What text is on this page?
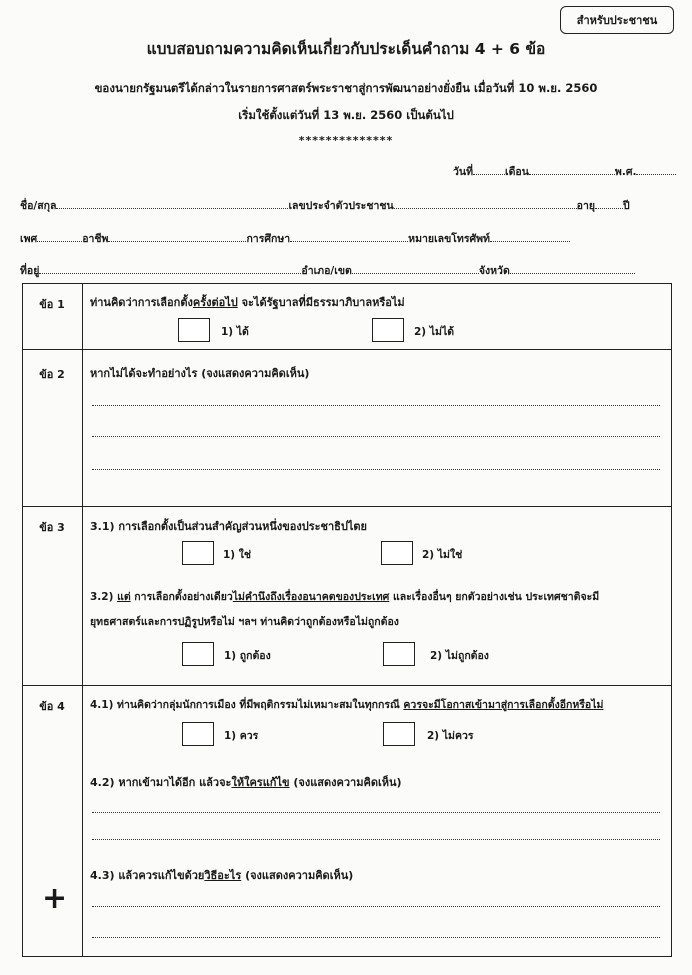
สำหรับประชาชน
แบบสอบถามความคิดเห็นเกี่ยวกับประเด็นคำถาม 4 + 6 ข้อ
ของนายกรัฐมนตรีได้กล่าวในรายการศาสตร์พระราชาสู่การพัฒนาอย่างยั่งยืน เมื่อวันที่ 10 พ.ย. 2560
เริ่มใช้ตั้งแต่วันที่ 13 พ.ย. 2560 เป็นต้นไป
**************
วันที่	เดือน	พ.ศ.
ชื่อ/สกุล	เลขประจำตัวประชาชน	อายุ	ปี
เพศ	อาชีพ	การศึกษา	หมายเลขโทรศัพท์
ที่อยู่	อำเภอ/เขต	จังหวัด
ข้อ 1	ท่านคิดว่าการเลือกตั้งครั้งต่อไป จะได้รัฐบาลที่มีธรรมาภิบาลหรือไม่
1) ได้	2) ไม่ได้
ข้อ 2	หากไม่ได้จะทำอย่างไร (จงแสดงความคิดเห็น)
ข้อ 3	3.1) การเลือกตั้งเป็นส่วนสำคัญส่วนหนึ่งของประชาธิปไตย
1) ใช่	2) ไม่ใช่
3.2) แต่ การเลือกตั้งอย่างเดียวไม่คำนึงถึงเรื่องอนาคตของประเทศ และเรื่องอื่นๆ ยกตัวอย่างเช่น ประเทศชาติจะมี
ยุทธศาสตร์และการปฏิรูปหรือไม่ ฯลฯ ท่านคิดว่าถูกต้องหรือไม่ถูกต้อง
1) ถูกต้อง	2) ไม่ถูกต้อง
ข้อ 4	4.1) ท่านคิดว่ากลุ่มนักการเมือง ที่มีพฤติกรรมไม่เหมาะสมในทุกกรณี ควรจะมีโอกาสเข้ามาสู่การเลือกตั้งอีกหรือไม่
1) ควร	2) ไม่ควร
4.2) หากเข้ามาได้อีก แล้วจะให้ใครแก้ไข (จงแสดงความคิดเห็น)
4.3) แล้วควรแก้ไขด้วยวิธีอะไร (จงแสดงความคิดเห็น)
+
